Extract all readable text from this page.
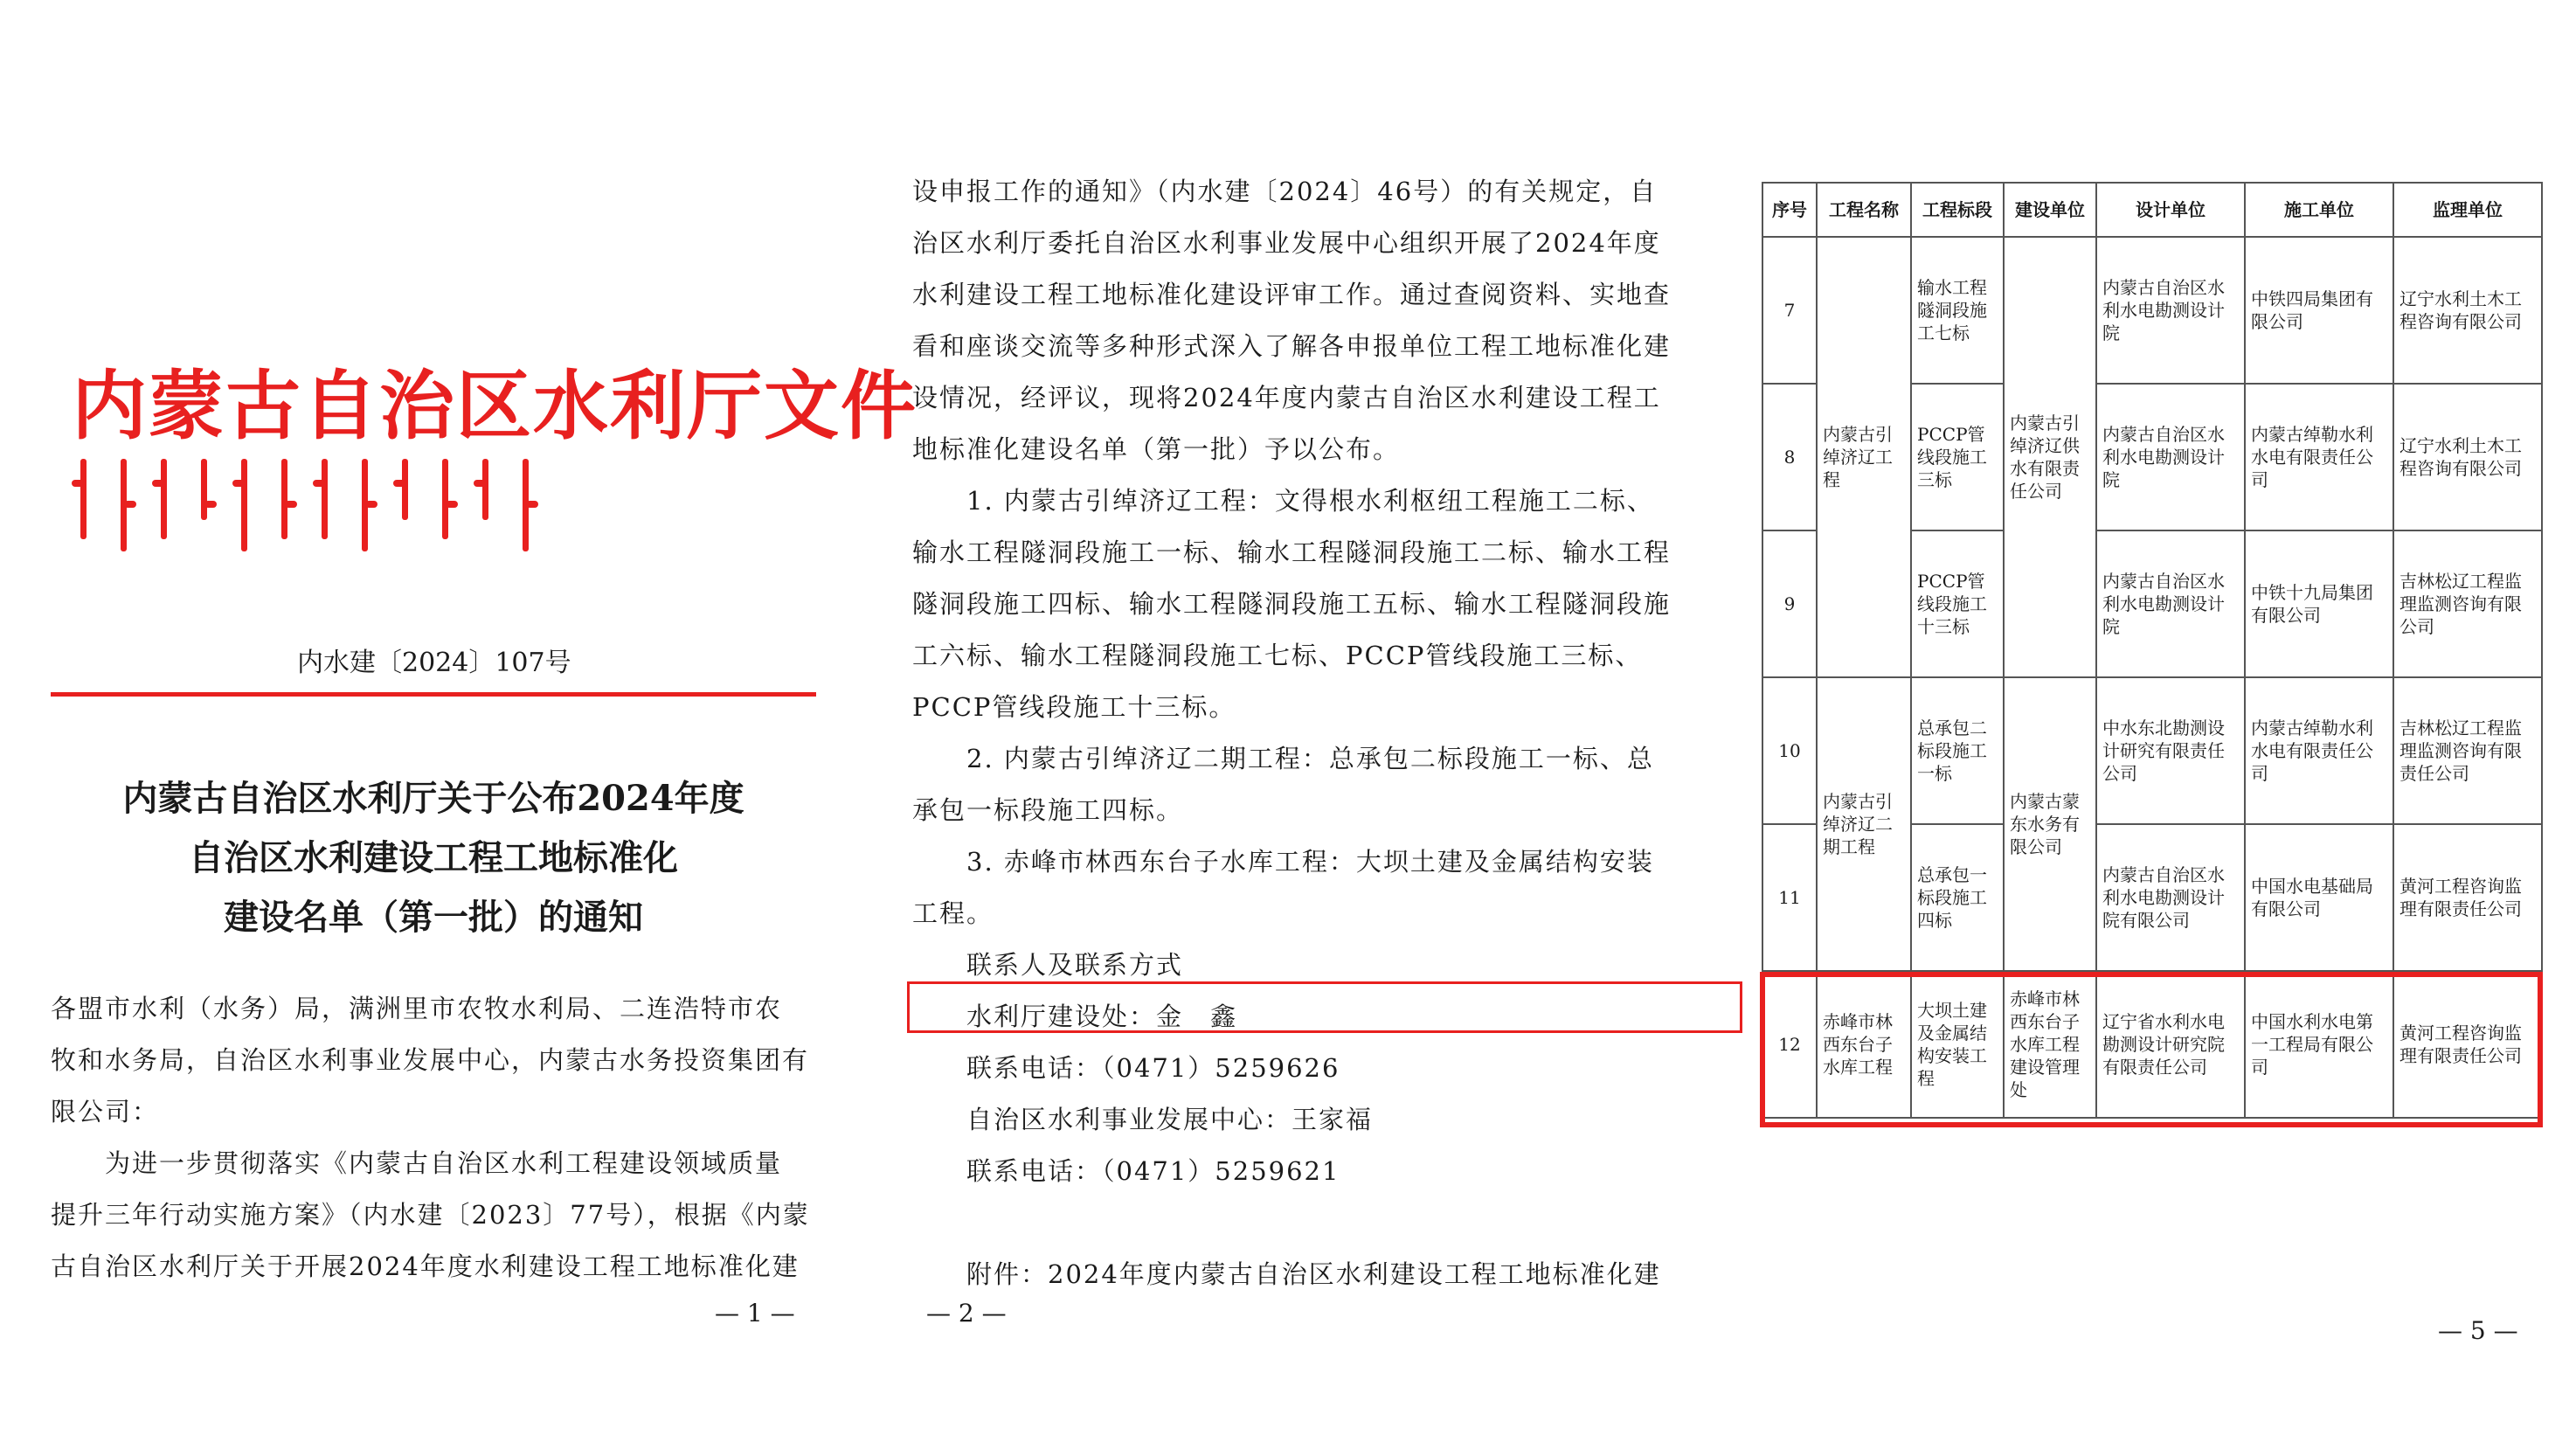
内蒙古自治区水利厅文件
内水建〔2024〕107号
内蒙古自治区水利厅关于公布2024年度
自治区水利建设工程工地标准化
建设名单（第一批）的通知
各盟市水利（水务）局，满洲里市农牧水利局、二连浩特市农
牧和水务局，自治区水利事业发展中心，内蒙古水务投资集团有
限公司：
　　为进一步贯彻落实《内蒙古自治区水利工程建设领域质量
提升三年行动实施方案》（内水建〔2023〕77号），根据《内蒙
古自治区水利厅关于开展2024年度水利建设工程工地标准化建
— 1 —
设申报工作的通知》（内水建〔2024〕46号）的有关规定，自
治区水利厅委托自治区水利事业发展中心组织开展了2024年度
水利建设工程工地标准化建设评审工作。通过查阅资料、实地查
看和座谈交流等多种形式深入了解各申报单位工程工地标准化建
设情况，经评议，现将2024年度内蒙古自治区水利建设工程工
地标准化建设名单（第一批）予以公布。
　　1. 内蒙古引绰济辽工程：文得根水利枢纽工程施工二标、
输水工程隧洞段施工一标、输水工程隧洞段施工二标、输水工程
隧洞段施工四标、输水工程隧洞段施工五标、输水工程隧洞段施
工六标、输水工程隧洞段施工七标、PCCP管线段施工三标、
PCCP管线段施工十三标。
　　2. 内蒙古引绰济辽二期工程：总承包二标段施工一标、总
承包一标段施工四标。
　　3. 赤峰市林西东台子水库工程：大坝土建及金属结构安装
工程。
　　联系人及联系方式
　　水利厅建设处：金　鑫
　　联系电话：（0471）5259626
　　自治区水利事业发展中心：王家福
　　联系电话：（0471）5259621
　　附件：2024年度内蒙古自治区水利建设工程工地标准化建
— 2 —
序号	工程名称	工程标段	建设单位	设计单位	施工单位	监理单位
7	内蒙古引绰济辽工程	输水工程隧洞段施工七标	内蒙古引绰济辽供水有限责任公司	内蒙古自治区水利水电勘测设计院	中铁四局集团有限公司	辽宁水利土木工程咨询有限公司
8		PCCP管线段施工三标		内蒙古自治区水利水电勘测设计院	内蒙古绰勒水利水电有限责任公司	辽宁水利土木工程咨询有限公司
9		PCCP管线段施工十三标		内蒙古自治区水利水电勘测设计院	中铁十九局集团有限公司	吉林松辽工程监理监测咨询有限公司
10	内蒙古引绰济辽二期工程	总承包二标段施工一标	内蒙古蒙东水务有限公司	中水东北勘测设计研究有限责任公司	内蒙古绰勒水利水电有限责任公司	吉林松辽工程监理监测咨询有限责任公司
11		总承包一标段施工四标		内蒙古自治区水利水电勘测设计院有限公司	中国水电基础局有限公司	黄河工程咨询监理有限责任公司
12	赤峰市林西东台子水库工程	大坝土建及金属结构安装工程	赤峰市林西东台子水库工程建设管理处	辽宁省水利水电勘测设计研究院有限责任公司	中国水利水电第一工程局有限公司	黄河工程咨询监理有限责任公司
— 5 —
